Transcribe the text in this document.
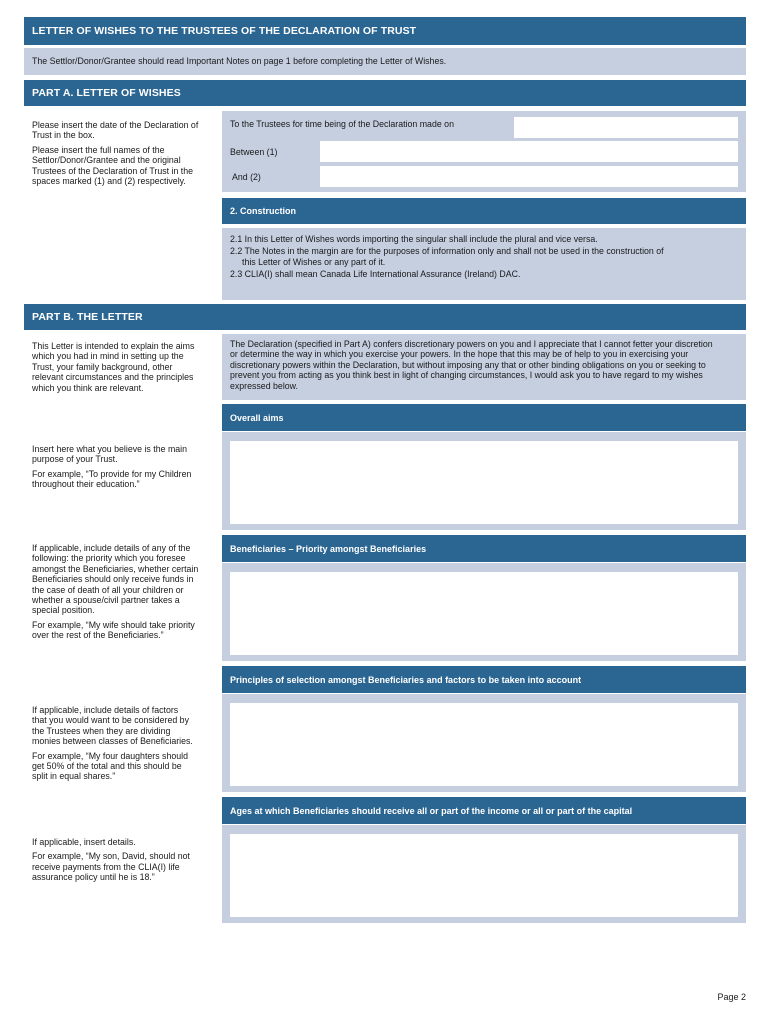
LETTER OF WISHES TO THE TRUSTEES OF THE DECLARATION OF TRUST
The Settlor/Donor/Grantee should read Important Notes on page 1 before completing the Letter of Wishes.
PART A. LETTER OF WISHES

Please insert the date of the Declaration of Trust in the box.

Please insert the full names of the Settlor/Donor/Grantee and the original Trustees of the Declaration of Trust in the spaces marked (1) and (2) respectively.

To the Trustees for time being of the Declaration made on
Between (1)
And (2)
2. Construction
2.1 In this Letter of Wishes words importing the singular shall include the plural and vice versa.
2.2 The Notes in the margin are for the purposes of information only and shall not be used in the construction of this Letter of Wishes or any part of it.
2.3 CLIA(I) shall mean Canada Life International Assurance (Ireland) DAC.
PART B. THE LETTER
This Letter is intended to explain the aims which you had in mind in setting up the Trust, your family background, other relevant circumstances and the principles which you think are relevant.
The Declaration (specified in Part A) confers discretionary powers on you and I appreciate that I cannot fetter your discretion or determine the way in which you exercise your powers. In the hope that this may be of help to you in exercising your discretionary powers within the Declaration, but without imposing any that or other binding obligations on you or seeking to prevent you from acting as you think best in light of changing circumstances, I would ask you to have regard to my wishes expressed below.
Overall aims

Insert here what you believe is the main purpose of your Trust.

For example, “To provide for my Children throughout their education.”

Beneficiaries – Priority amongst Beneficiaries

If applicable, include details of any of the following: the priority which you foresee amongst the Beneficiaries, whether certain Beneficiaries should only receive funds in the case of death of all your children or whether a spouse/civil partner takes a special position.

For example, “My wife should take priority over the rest of the Beneficiaries.”

Principles of selection amongst Beneficiaries and factors to be taken into account

If applicable, include details of factors that you would want to be considered by the Trustees when they are dividing monies between classes of Beneficiaries.

For example, “My four daughters should get 50% of the total and this should be split in equal shares.”

Ages at which Beneficiaries should receive all or part of the income or all or part of the capital

If applicable, insert details.

For example, “My son, David, should not receive payments from the CLIA(I) life assurance policy until he is 18.”

Page 2
